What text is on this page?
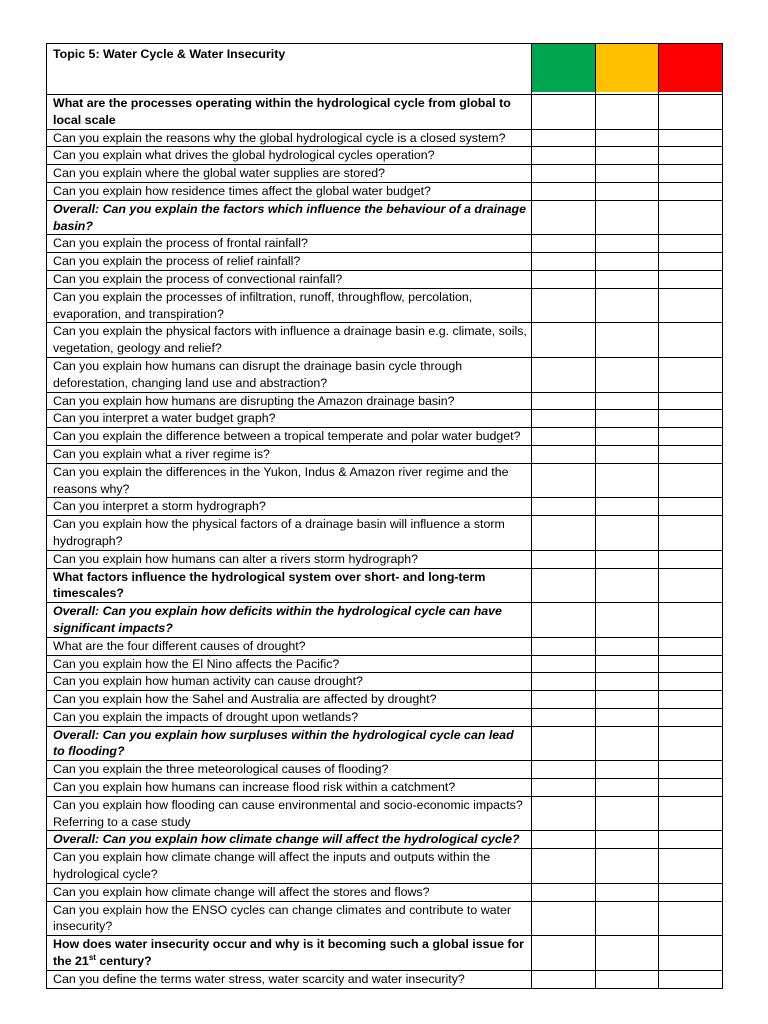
Topic 5: Water Cycle & Water Insecurity	

What are the processes operating within the hydrological cycle from global to local scale			
Can you explain the reasons why the global hydrological cycle is a closed system?			
Can you explain what drives the global hydrological cycles operation?			
Can you explain where the global water supplies are stored?			
Can you explain how residence times affect the global water budget?			
Overall: Can you explain the factors which influence the behaviour of a drainage basin?			
Can you explain the process of frontal rainfall?			
Can you explain the process of relief rainfall?			
Can you explain the process of convectional rainfall?			
Can you explain the processes of infiltration, runoff, throughflow, percolation, evaporation, and transpiration?			
Can you explain the physical factors with influence a drainage basin e.g. climate, soils, vegetation, geology and relief?			
Can you explain how humans can disrupt the drainage basin cycle through deforestation, changing land use and abstraction?			
Can you explain how humans are disrupting the Amazon drainage basin?			
Can you interpret a water budget graph?			
Can you explain the difference between a tropical temperate and polar water budget?			
Can you explain what a river regime is?			
Can you explain the differences in the Yukon, Indus & Amazon river regime and the reasons why?			
Can you interpret a storm hydrograph?			
Can you explain how the physical factors of a drainage basin will influence a storm hydrograph?			
Can you explain how humans can alter a rivers storm hydrograph?			
What factors influence the hydrological system over short- and long-term timescales?			
Overall: Can you explain how deficits within the hydrological cycle can have significant impacts?			
What are the four different causes of drought?			
Can you explain how the El Nino affects the Pacific?			
Can you explain how human activity can cause drought?			
Can you explain how the Sahel and Australia are affected by drought?			
Can you explain the impacts of drought upon wetlands?			
Overall: Can you explain how surpluses within the hydrological cycle can lead to flooding?			
Can you explain the three meteorological causes of flooding?			
Can you explain how humans can increase flood risk within a catchment?			
Can you explain how flooding can cause environmental and socio-economic impacts? Referring to a case study			
Overall: Can you explain how climate change will affect the hydrological cycle?			
Can you explain how climate change will affect the inputs and outputs within the hydrological cycle?			
Can you explain how climate change will affect the stores and flows?			
Can you explain how the ENSO cycles can change climates and contribute to water insecurity?			
How does water insecurity occur and why is it becoming such a global issue for the 21st century?			
Can you define the terms water stress, water scarcity and water insecurity?			
